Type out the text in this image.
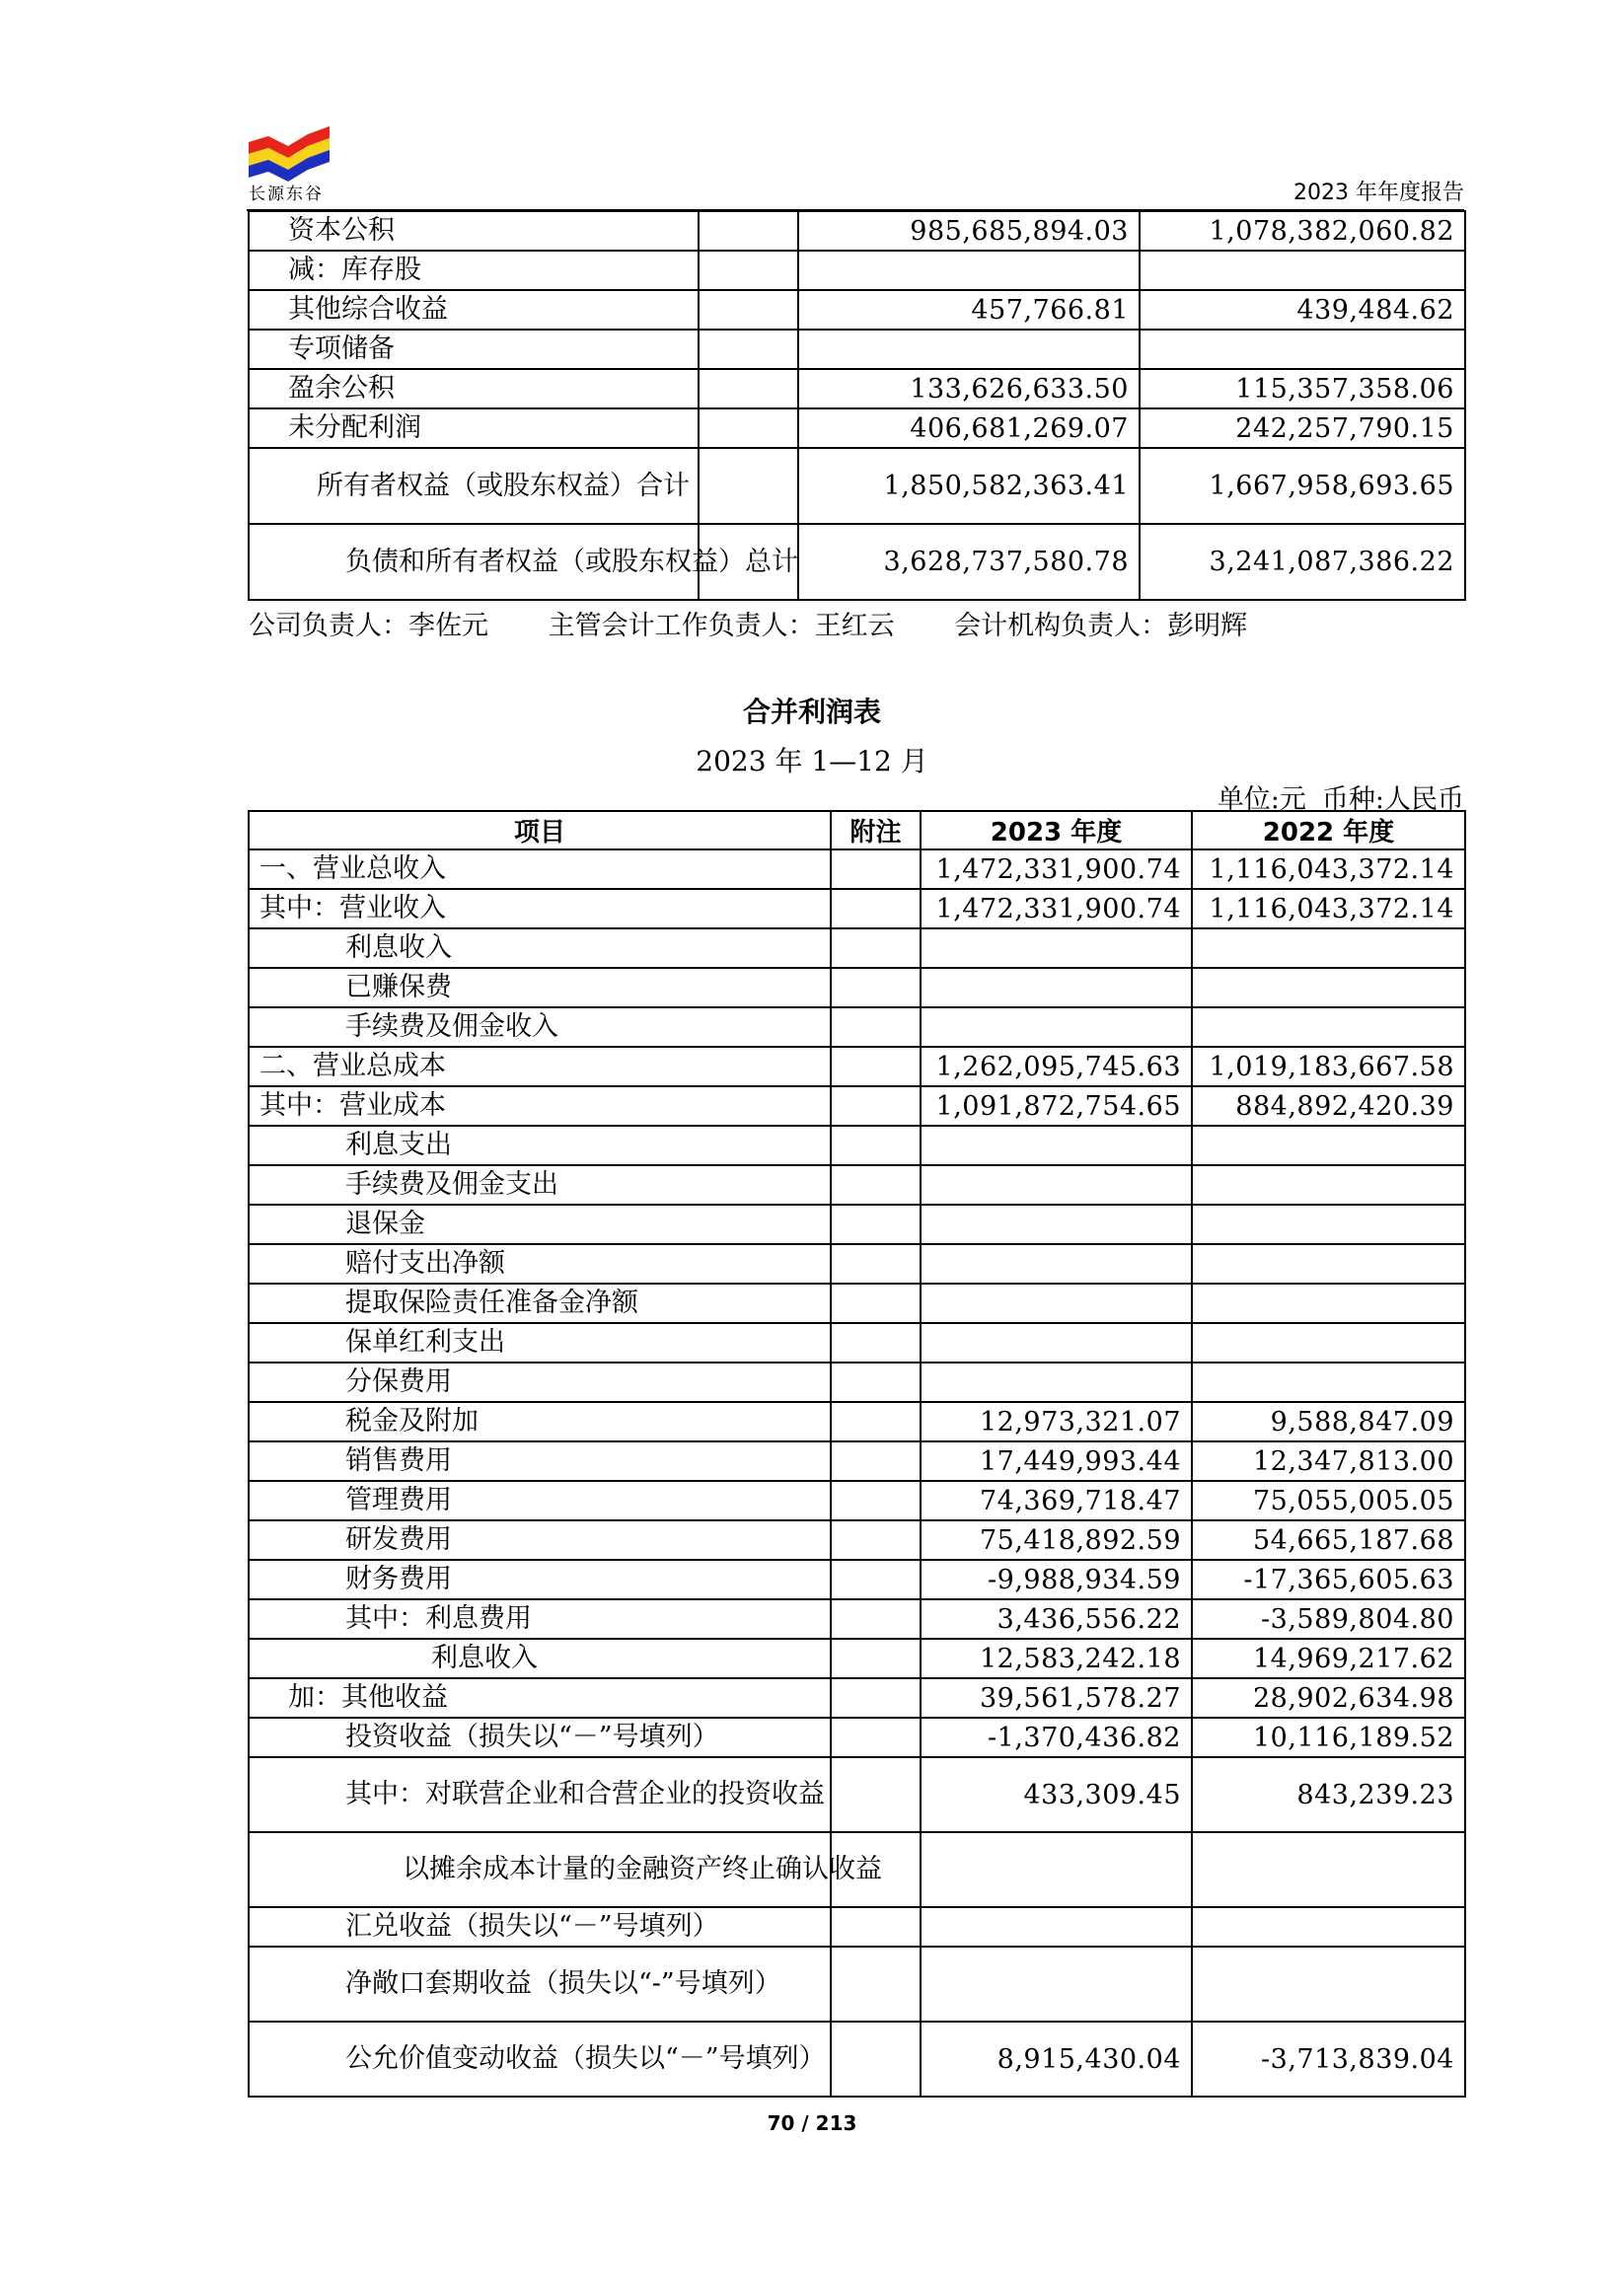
长源东谷	2023 年年度报告
资本公积		985,685,894.03	1,078,382,060.82
减：库存股			
其他综合收益		457,766.81	439,484.62
专项储备			
盈余公积		133,626,633.50	115,357,358.06
未分配利润		406,681,269.07	242,257,790.15
所有者权益（或股东权益）合计		1,850,582,363.41	1,667,958,693.65
负债和所有者权益（或股东权益）总计		3,628,737,580.78	3,241,087,386.22
公司负责人：李佐元 主管会计工作负责人：王红云 会计机构负责人：彭明辉
合并利润表
2023 年 1—12 月
单位:元 币种:人民币
项目	附注	2023 年度	2022 年度
一、营业总收入		1,472,331,900.74	1,116,043,372.14
其中：营业收入		1,472,331,900.74	1,116,043,372.14
利息收入			
已赚保费			
手续费及佣金收入			
二、营业总成本		1,262,095,745.63	1,019,183,667.58
其中：营业成本		1,091,872,754.65	884,892,420.39
利息支出			
手续费及佣金支出			
退保金			
赔付支出净额			
提取保险责任准备金净额			
保单红利支出			
分保费用			
税金及附加		12,973,321.07	9,588,847.09
销售费用		17,449,993.44	12,347,813.00
管理费用		74,369,718.47	75,055,005.05
研发费用		75,418,892.59	54,665,187.68
财务费用		-9,988,934.59	-17,365,605.63
其中：利息费用		3,436,556.22	-3,589,804.80
利息收入		12,583,242.18	14,969,217.62
加：其他收益		39,561,578.27	28,902,634.98
投资收益（损失以“－”号填列）		-1,370,436.82	10,116,189.52
其中：对联营企业和合营企业的投资收益		433,309.45	843,239.23
以摊余成本计量的金融资产终止确认收益			
汇兑收益（损失以“－”号填列）			
净敞口套期收益（损失以“-”号填列）			
公允价值变动收益（损失以“－”号填列）		8,915,430.04	-3,713,839.04
70 / 213
